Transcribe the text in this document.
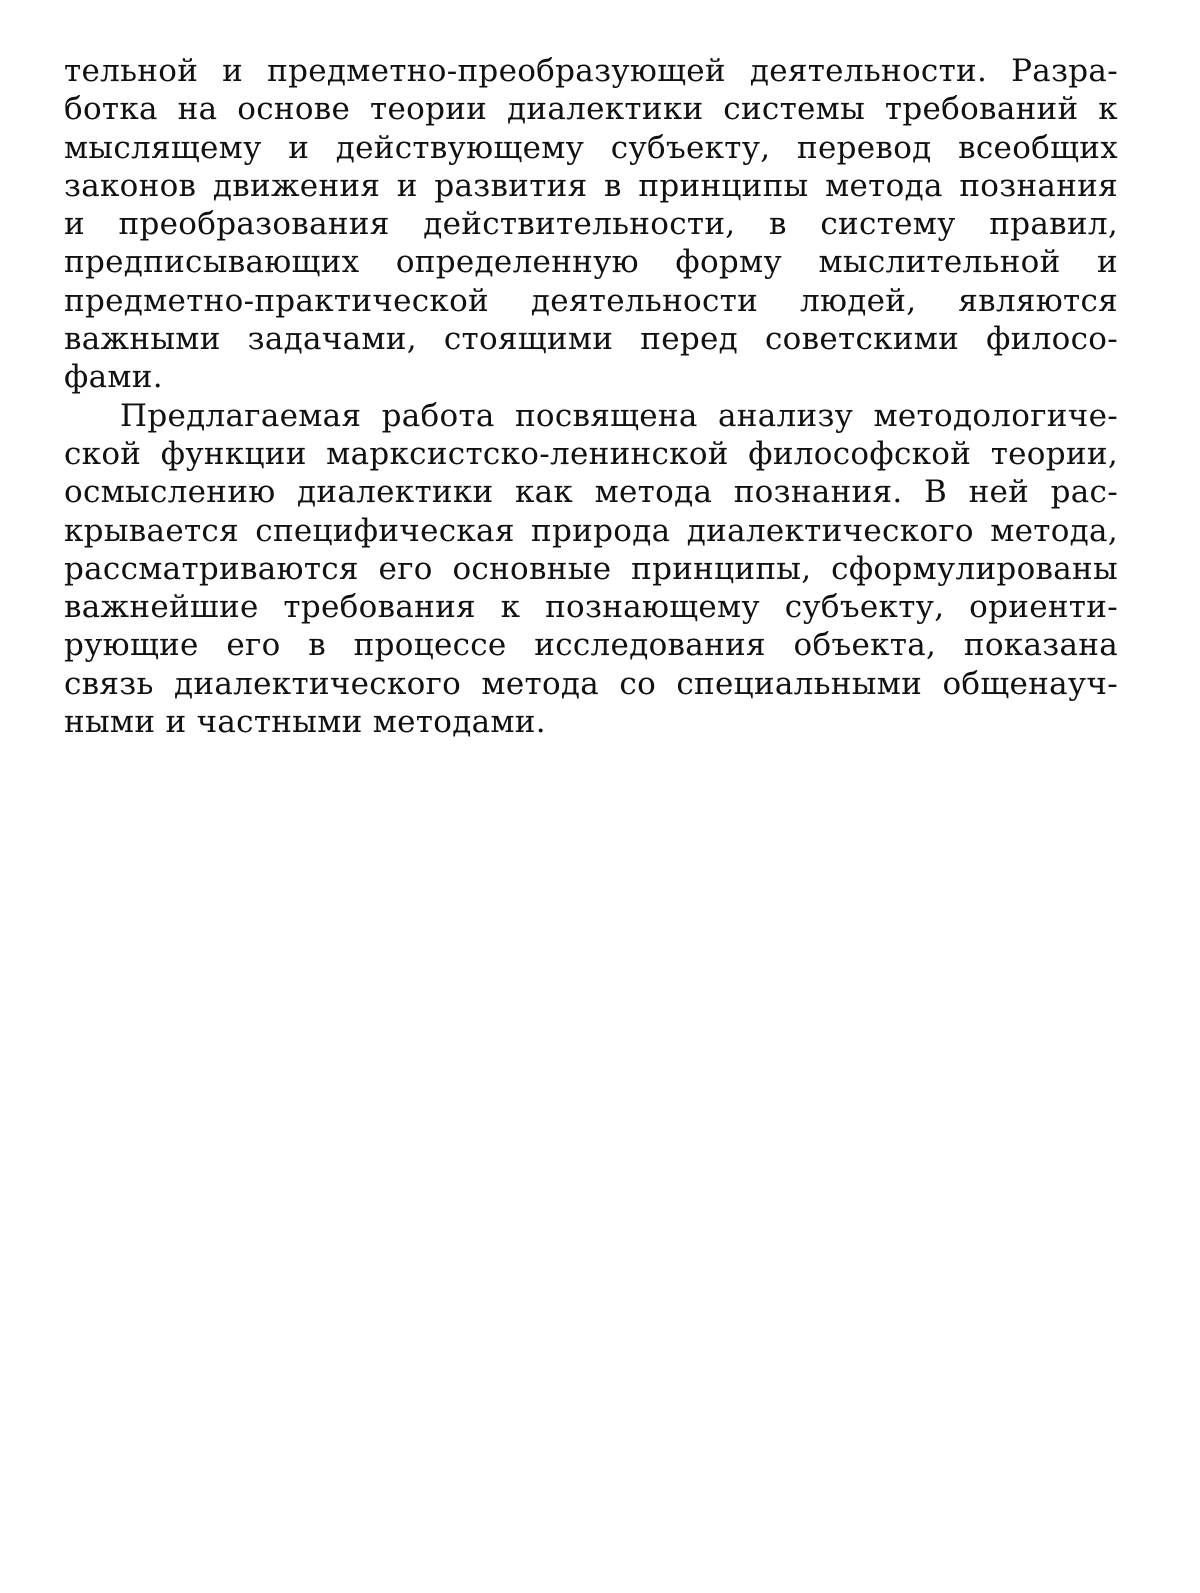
тельной и предметно-преобразующей деятельности. Разра-
ботка на основе теории диалектики системы требований к
мыслящему и действующему субъекту, перевод всеобщих
законов движения и развития в принципы метода познания
и преобразования действительности, в систему правил,
предписывающих определенную форму мыслительной и
предметно-практической деятельности людей, являются
важными задачами, стоящими перед советскими филосо-
фами.
Предлагаемая работа посвящена анализу методологиче-
ской функции марксистско-ленинской философской теории,
осмыслению диалектики как метода познания. В ней рас-
крывается специфическая природа диалектического метода,
рассматриваются его основные принципы, сформулированы
важнейшие требования к познающему субъекту, ориенти-
рующие его в процессе исследования объекта, показана
связь диалектического метода со специальными общенауч-
ными и частными методами.
